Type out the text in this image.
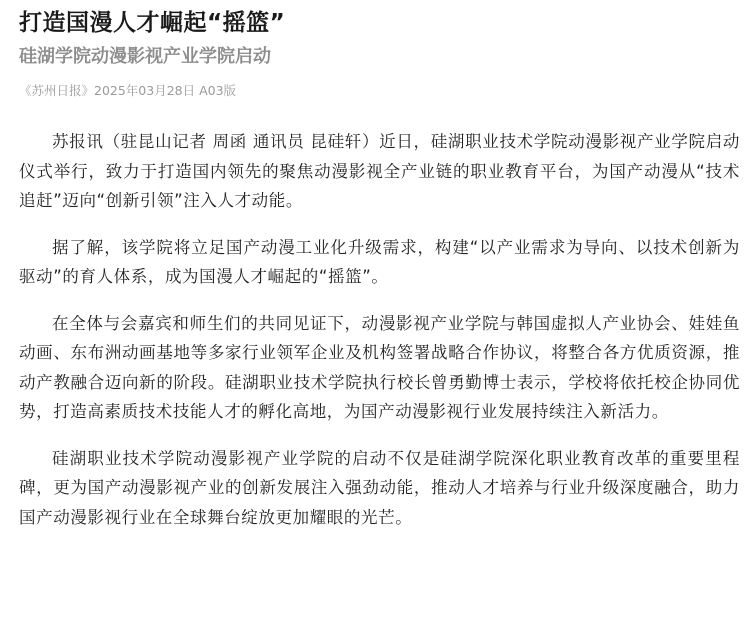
打造国漫人才崛起“摇篮”
硅湖学院动漫影视产业学院启动
《苏州日报》2025年03月28日 A03版

苏报讯（驻昆山记者 周函 通讯员 昆硅轩）近日，硅湖职业技术学院动漫影视产业学院启动仪式举行，致力于打造国内领先的聚焦动漫影视全产业链的职业教育平台，为国产动漫从“技术追赶”迈向“创新引领”注入人才动能。

据了解，该学院将立足国产动漫工业化升级需求，构建“以产业需求为导向、以技术创新为驱动”的育人体系，成为国漫人才崛起的“摇篮”。

在全体与会嘉宾和师生们的共同见证下，动漫影视产业学院与韩国虚拟人产业协会、娃娃鱼动画、东布洲动画基地等多家行业领军企业及机构签署战略合作协议，将整合各方优质资源，推动产教融合迈向新的阶段。硅湖职业技术学院执行校长曾勇勤博士表示，学校将依托校企协同优势，打造高素质技术技能人才的孵化高地，为国产动漫影视行业发展持续注入新活力。

硅湖职业技术学院动漫影视产业学院的启动不仅是硅湖学院深化职业教育改革的重要里程碑，更为国产动漫影视产业的创新发展注入强劲动能，推动人才培养与行业升级深度融合，助力国产动漫影视行业在全球舞台绽放更加耀眼的光芒。
